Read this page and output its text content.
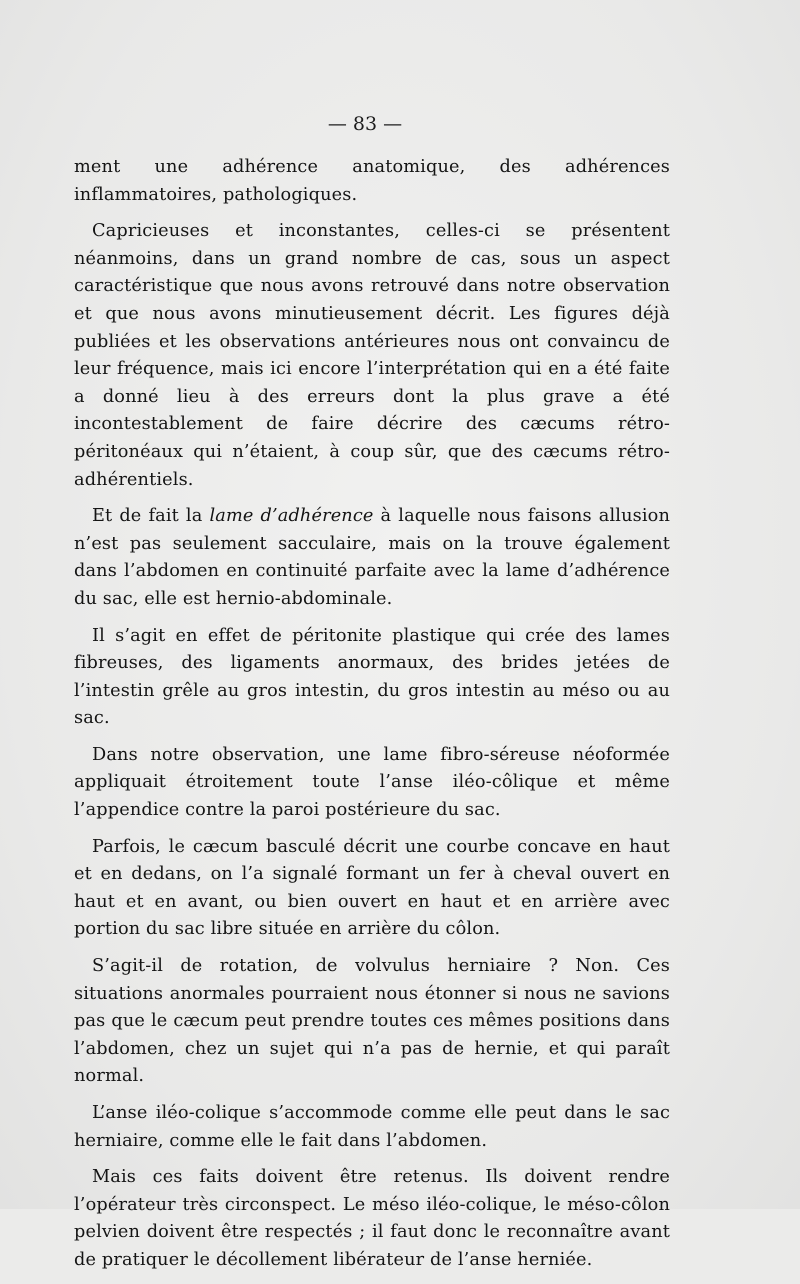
— 83 —

ment une adhérence anatomique, des adhérences inflammatoires, pathologiques.

Capricieuses et inconstantes, celles-ci se présentent néanmoins, dans un grand nombre de cas, sous un aspect caractéristique que nous avons retrouvé dans notre observation et que nous avons minutieusement décrit. Les figures déjà publiées et les observations antérieures nous ont convaincu de leur fréquence, mais ici encore l’interprétation qui en a été faite a donné lieu à des erreurs dont la plus grave a été incontestablement de faire décrire des cæcums rétro-péritonéaux qui n’étaient, à coup sûr, que des cæcums rétro-adhérentiels.

Et de fait la lame d’adhérence à laquelle nous faisons allusion n’est pas seulement sacculaire, mais on la trouve également dans l’abdomen en continuité parfaite avec la lame d’adhérence du sac, elle est hernio-abdominale.

Il s’agit en effet de péritonite plastique qui crée des lames fibreuses, des ligaments anormaux, des brides jetées de l’intestin grêle au gros intestin, du gros intestin au méso ou au sac.

Dans notre observation, une lame fibro-séreuse néoformée appliquait étroitement toute l’anse iléo-côlique et même l’appendice contre la paroi postérieure du sac.

Parfois, le cæcum basculé décrit une courbe concave en haut et en dedans, on l’a signalé formant un fer à cheval ouvert en haut et en avant, ou bien ouvert en haut et en arrière avec portion du sac libre située en arrière du côlon.

S’agit-il de rotation, de volvulus herniaire ? Non. Ces situations anormales pourraient nous étonner si nous ne savions pas que le cæcum peut prendre toutes ces mêmes positions dans l’abdomen, chez un sujet qui n’a pas de hernie, et qui paraît normal.

L’anse iléo-colique s’accommode comme elle peut dans le sac herniaire, comme elle le fait dans l’abdomen.

Mais ces faits doivent être retenus. Ils doivent rendre l’opérateur très circonspect. Le méso iléo-colique, le méso-côlon pelvien doivent être respectés ; il faut donc le reconnaître avant de pratiquer le décollement libérateur de l’anse herniée.
